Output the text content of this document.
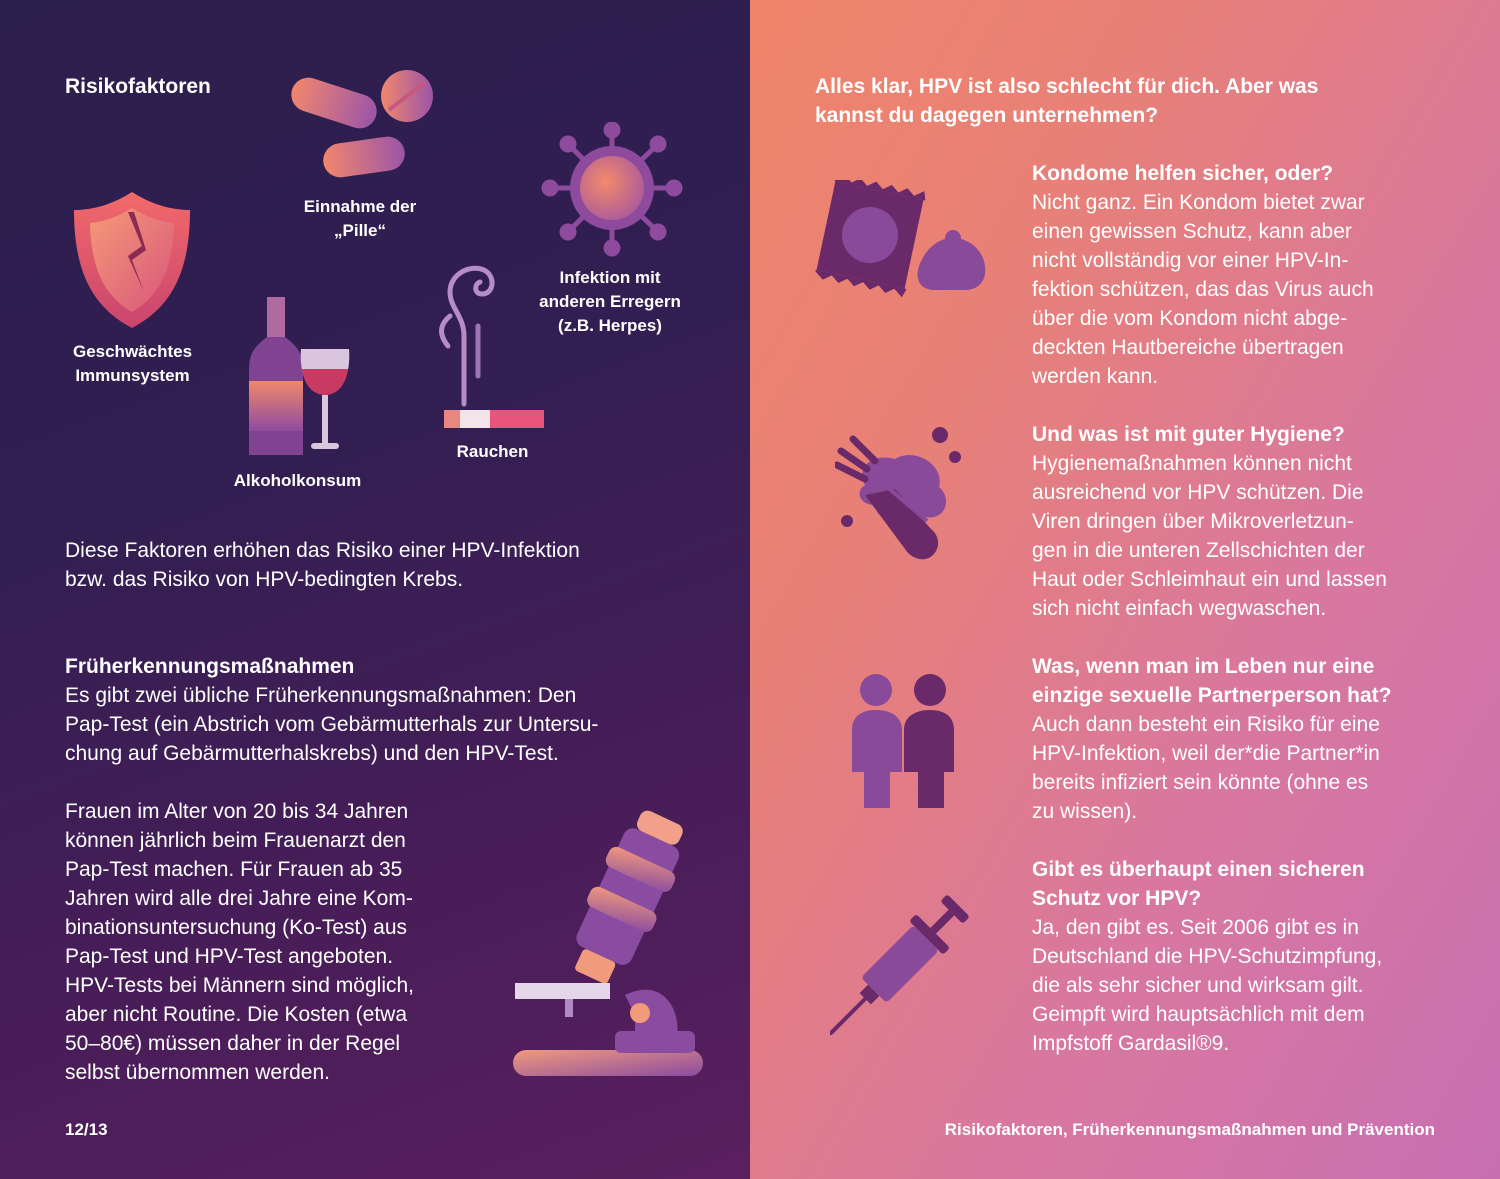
Risikofaktoren
Einnahme der
„Pille“
Infektion mit
anderen Erregern
(z.B. Herpes)
Geschwächtes
Immunsystem
Rauchen
Alkoholkonsum
Diese Faktoren erhöhen das Risiko einer HPV-Infektion
bzw. das Risiko von HPV-bedingten Krebs.
Früherkennungsmaßnahmen
Es gibt zwei übliche Früherkennungsmaßnahmen: Den
Pap-Test (ein Abstrich vom Gebärmutterhals zur Untersu-
chung auf Gebärmutterhalskrebs) und den HPV-Test.
Frauen im Alter von 20 bis 34 Jahren
können jährlich beim Frauenarzt den
Pap-Test machen. Für Frauen ab 35
Jahren wird alle drei Jahre eine Kom-
binationsuntersuchung (Ko-Test) aus
Pap-Test und HPV-Test angeboten.
HPV-Tests bei Männern sind möglich,
aber nicht Routine. Die Kosten (etwa
50–80€) müssen daher in der Regel
selbst übernommen werden.
12/13
Alles klar, HPV ist also schlecht für dich. Aber was
kannst du dagegen unternehmen?
Kondome helfen sicher, oder?
Nicht ganz. Ein Kondom bietet zwar
einen gewissen Schutz, kann aber
nicht vollständig vor einer HPV-In-
fektion schützen, das das Virus auch
über die vom Kondom nicht abge-
deckten Hautbereiche übertragen
werden kann.
Und was ist mit guter Hygiene?
Hygienemaßnahmen können nicht
ausreichend vor HPV schützen. Die
Viren dringen über Mikroverletzun-
gen in die unteren Zellschichten der
Haut oder Schleimhaut ein und lassen
sich nicht einfach wegwaschen.
Was, wenn man im Leben nur eine
einzige sexuelle Partnerperson hat?
Auch dann besteht ein Risiko für eine
HPV-Infektion, weil der*die Partner*in
bereits infiziert sein könnte (ohne es
zu wissen).
Gibt es überhaupt einen sicheren
Schutz vor HPV?
Ja, den gibt es. Seit 2006 gibt es in
Deutschland die HPV-Schutzimpfung,
die als sehr sicher und wirksam gilt.
Geimpft wird hauptsächlich mit dem
Impfstoff Gardasil®9.
Risikofaktoren, Früherkennungsmaßnahmen und Prävention
